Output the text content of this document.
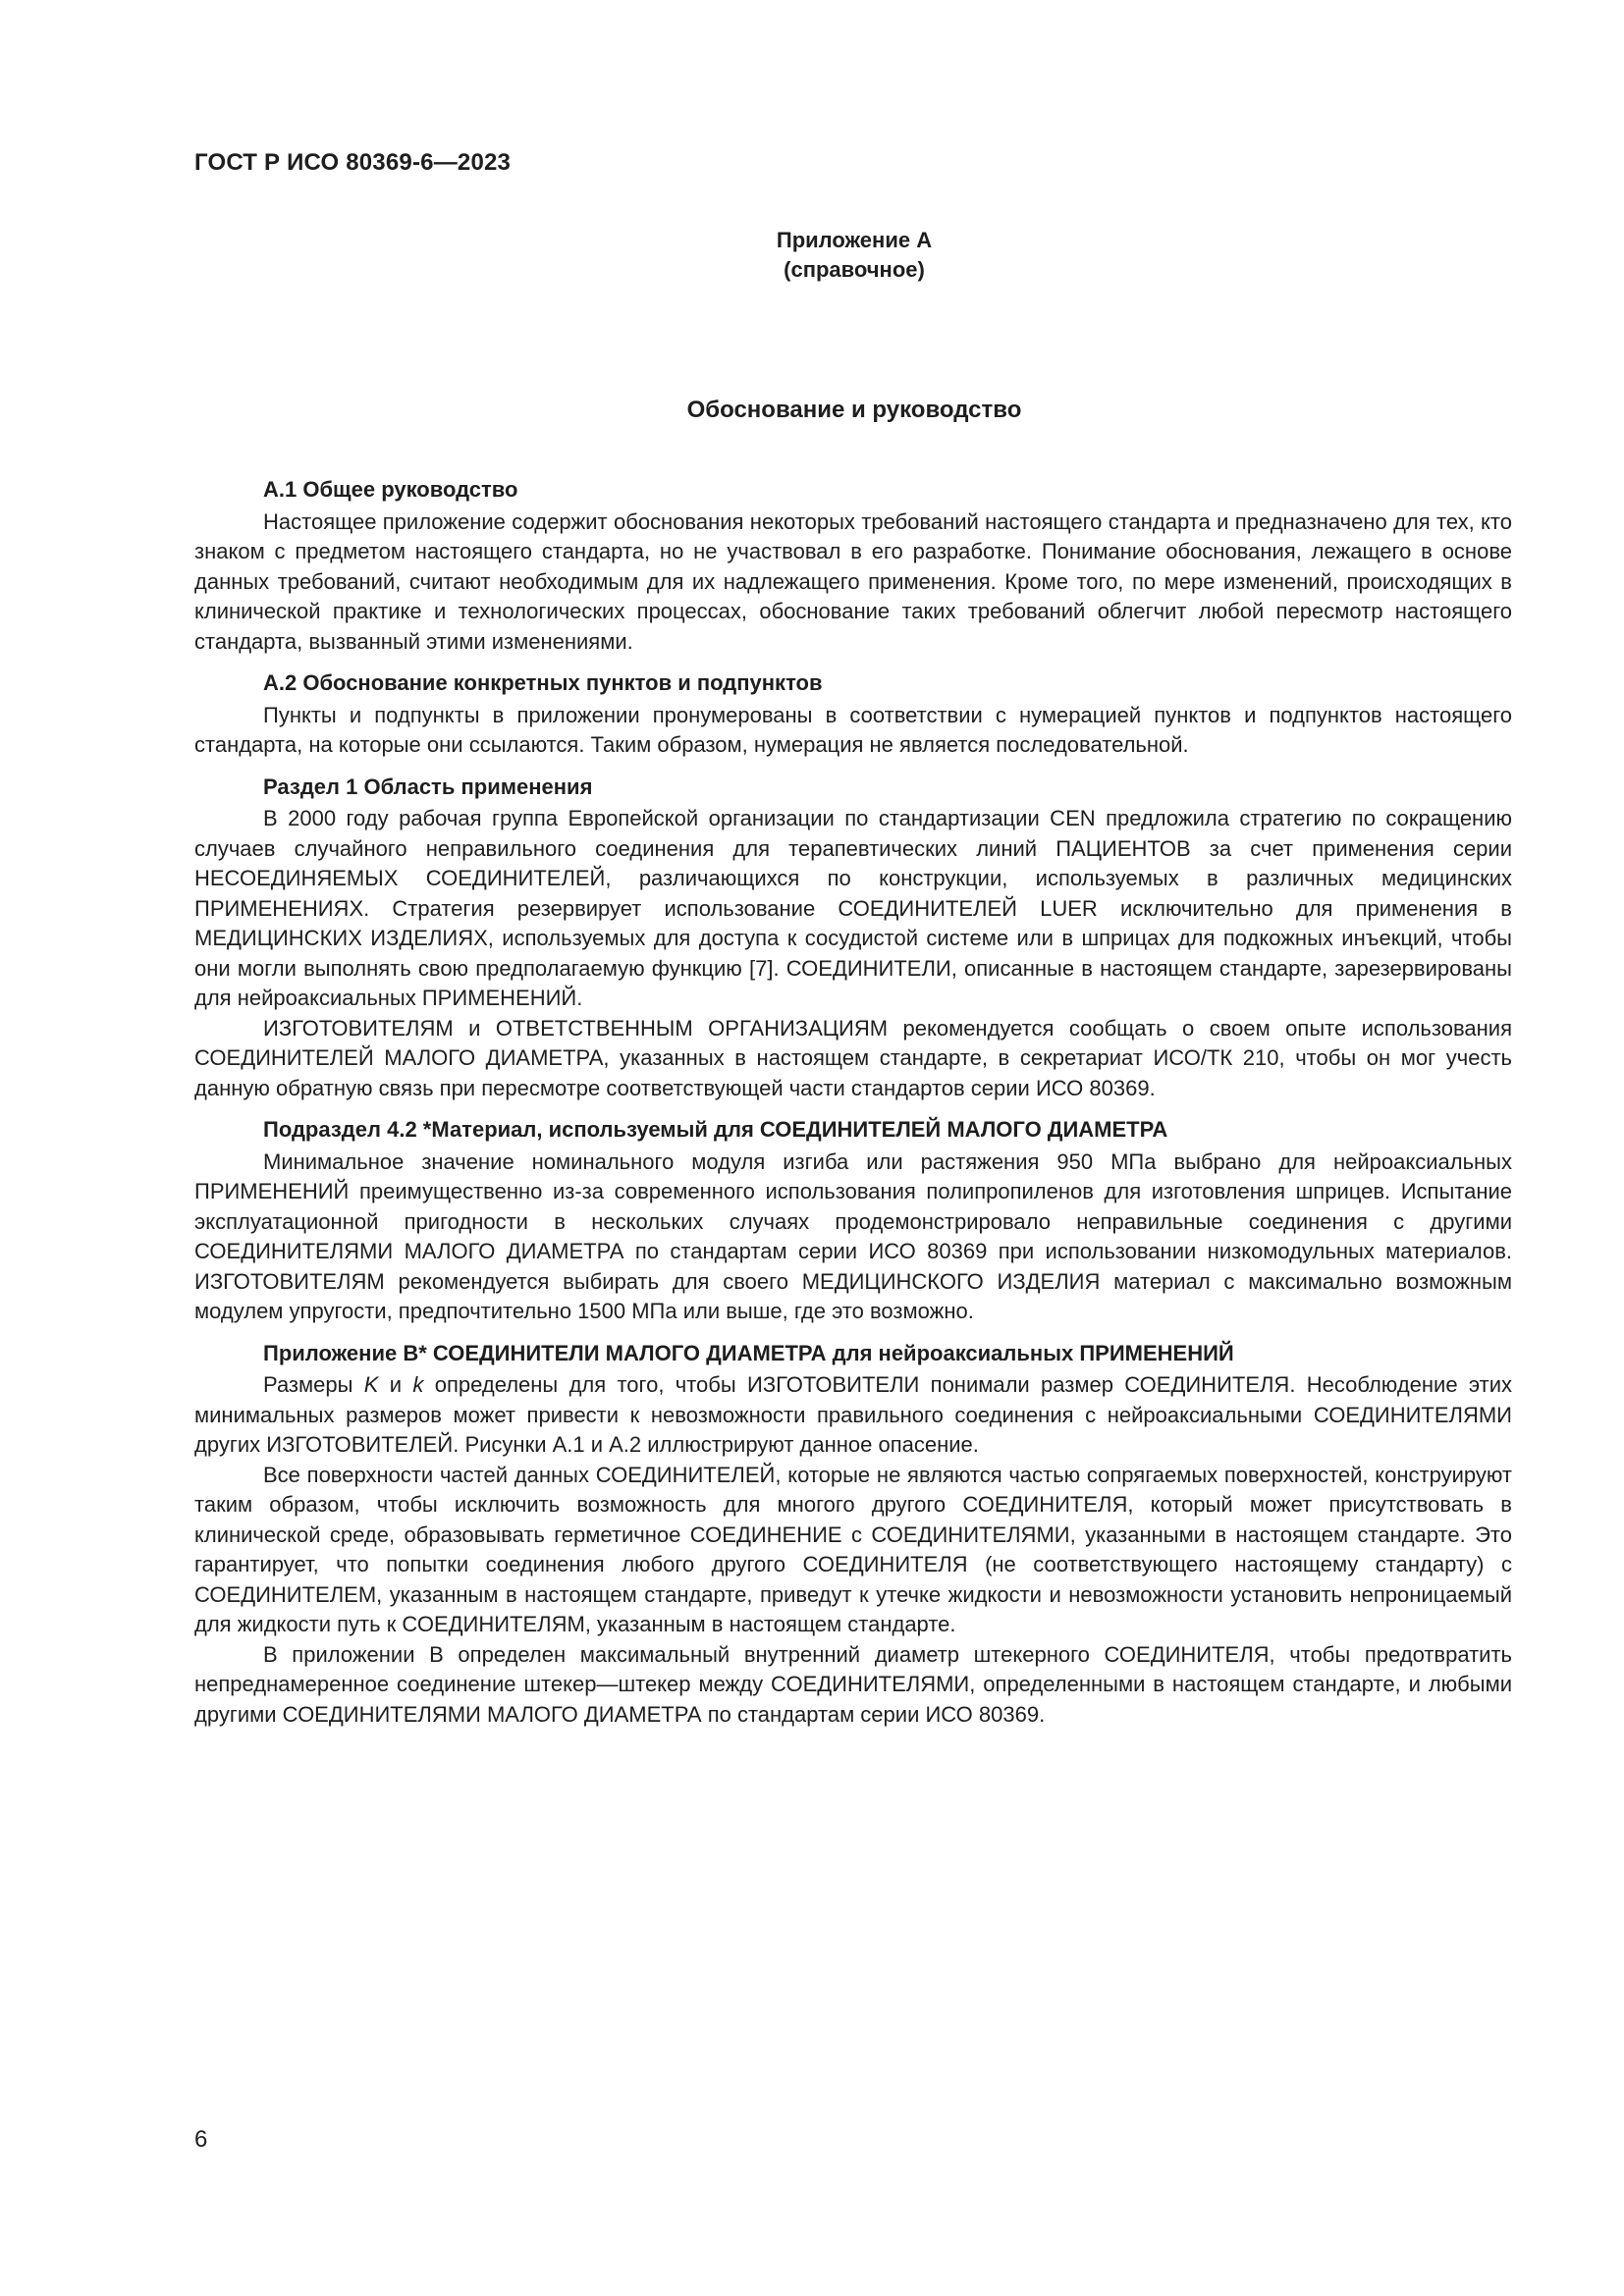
ГОСТ Р ИСО 80369-6—2023
Приложение А
(справочное)
Обоснование и руководство
А.1 Общее руководство

Настоящее приложение содержит обоснования некоторых требований настоящего стандарта и предназначено для тех, кто знаком с предметом настоящего стандарта, но не участвовал в его разработке. Понимание обоснования, лежащего в основе данных требований, считают необходимым для их надлежащего применения. Кроме того, по мере изменений, происходящих в клинической практике и технологических процессах, обоснование таких требований облегчит любой пересмотр настоящего стандарта, вызванный этими изменениями.

А.2 Обоснование конкретных пунктов и подпунктов

Пункты и подпункты в приложении пронумерованы в соответствии с нумерацией пунктов и подпунктов настоящего стандарта, на которые они ссылаются. Таким образом, нумерация не является последовательной.

Раздел 1 Область применения

В 2000 году рабочая группа Европейской организации по стандартизации CEN предложила стратегию по сокращению случаев случайного неправильного соединения для терапевтических линий ПАЦИЕНТОВ за счет применения серии НЕСОЕДИНЯЕМЫХ СОЕДИНИТЕЛЕЙ, различающихся по конструкции, используемых в различных медицинских ПРИМЕНЕНИЯХ. Стратегия резервирует использование СОЕДИНИТЕЛЕЙ LUER исключительно для применения в МЕДИЦИНСКИХ ИЗДЕЛИЯХ, используемых для доступа к сосудистой системе или в шприцах для подкожных инъекций, чтобы они могли выполнять свою предполагаемую функцию [7]. СОЕДИНИТЕЛИ, описанные в настоящем стандарте, зарезервированы для нейроаксиальных ПРИМЕНЕНИЙ.

ИЗГОТОВИТЕЛЯМ и ОТВЕТСТВЕННЫМ ОРГАНИЗАЦИЯМ рекомендуется сообщать о своем опыте использования СОЕДИНИТЕЛЕЙ МАЛОГО ДИАМЕТРА, указанных в настоящем стандарте, в секретариат ИСО/ТК 210, чтобы он мог учесть данную обратную связь при пересмотре соответствующей части стандартов серии ИСО 80369.

Подраздел 4.2 *Материал, используемый для СОЕДИНИТЕЛЕЙ МАЛОГО ДИАМЕТРА

Минимальное значение номинального модуля изгиба или растяжения 950 МПа выбрано для нейроаксиальных ПРИМЕНЕНИЙ преимущественно из-за современного использования полипропиленов для изготовления шприцев. Испытание эксплуатационной пригодности в нескольких случаях продемонстрировало неправильные соединения с другими СОЕДИНИТЕЛЯМИ МАЛОГО ДИАМЕТРА по стандартам серии ИСО 80369 при использовании низкомодульных материалов. ИЗГОТОВИТЕЛЯМ рекомендуется выбирать для своего МЕДИЦИНСКОГО ИЗДЕЛИЯ материал с максимально возможным модулем упругости, предпочтительно 1500 МПа или выше, где это возможно.

Приложение В* СОЕДИНИТЕЛИ МАЛОГО ДИАМЕТРА для нейроаксиальных ПРИМЕНЕНИЙ

Размеры K и k определены для того, чтобы ИЗГОТОВИТЕЛИ понимали размер СОЕДИНИТЕЛЯ. Несоблюдение этих минимальных размеров может привести к невозможности правильного соединения с нейроаксиальными СОЕДИНИТЕЛЯМИ других ИЗГОТОВИТЕЛЕЙ. Рисунки А.1 и А.2 иллюстрируют данное опасение.

Все поверхности частей данных СОЕДИНИТЕЛЕЙ, которые не являются частью сопрягаемых поверхностей, конструируют таким образом, чтобы исключить возможность для многого другого СОЕДИНИТЕЛЯ, который может присутствовать в клинической среде, образовывать герметичное СОЕДИНЕНИЕ с СОЕДИНИТЕЛЯМИ, указанными в настоящем стандарте. Это гарантирует, что попытки соединения любого другого СОЕДИНИТЕЛЯ (не соответствующего настоящему стандарту) с СОЕДИНИТЕЛЕМ, указанным в настоящем стандарте, приведут к утечке жидкости и невозможности установить непроницаемый для жидкости путь к СОЕДИНИТЕЛЯМ, указанным в настоящем стандарте.

В приложении В определен максимальный внутренний диаметр штекерного СОЕДИНИТЕЛЯ, чтобы предотвратить непреднамеренное соединение штекер—штекер между СОЕДИНИТЕЛЯМИ, определенными в настоящем стандарте, и любыми другими СОЕДИНИТЕЛЯМИ МАЛОГО ДИАМЕТРА по стандартам серии ИСО 80369.

6
